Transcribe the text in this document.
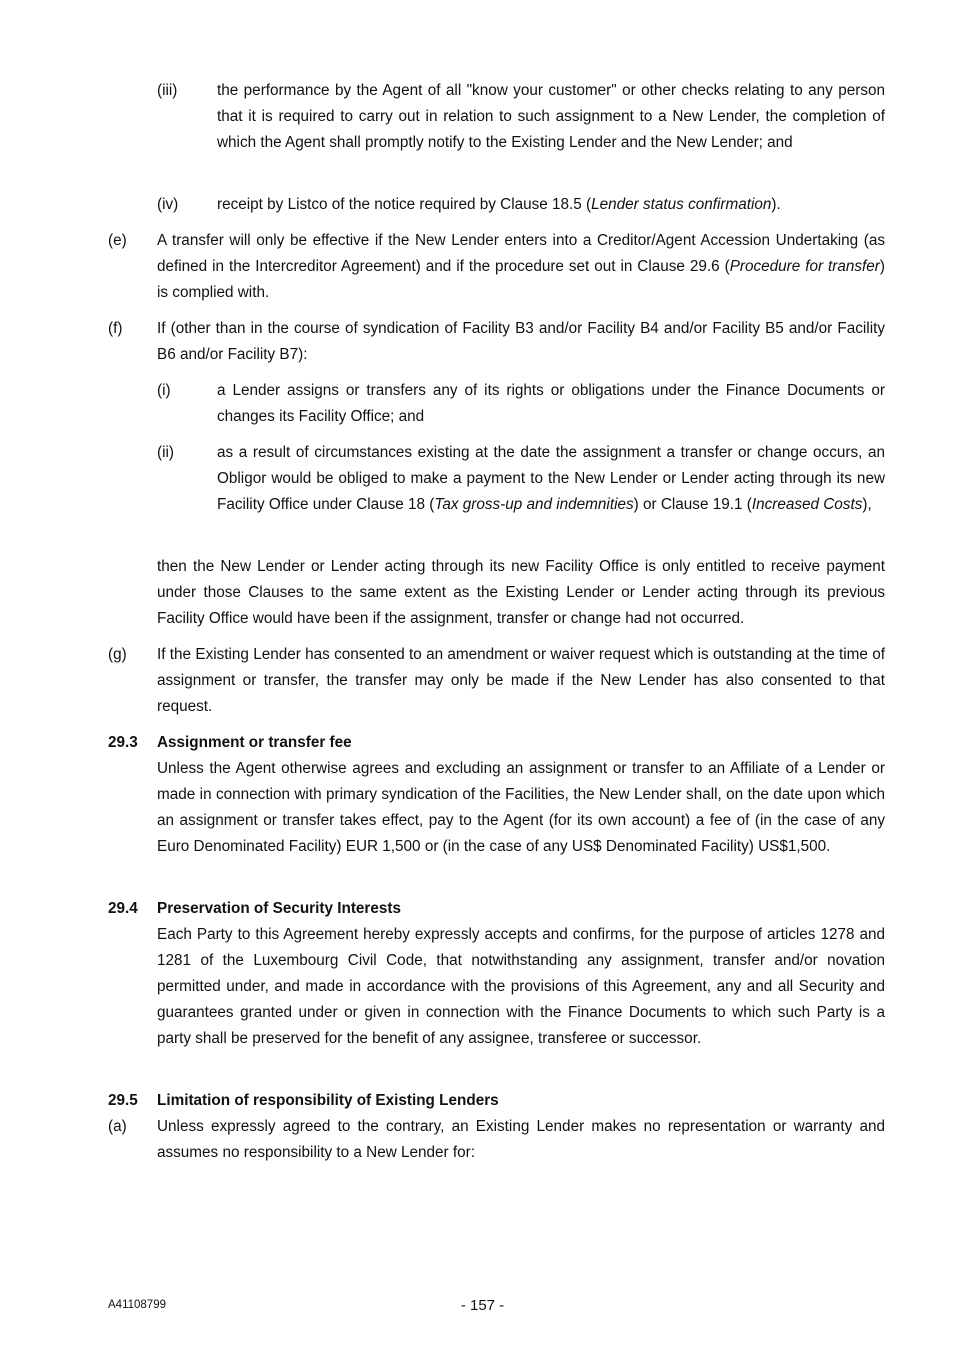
(iii)	the performance by the Agent of all "know your customer" or other checks relating to any person that it is required to carry out in relation to such assignment to a New Lender, the completion of which the Agent shall promptly notify to the Existing Lender and the New Lender; and
(iv)	receipt by Listco of the notice required by Clause 18.5 (Lender status confirmation).
(e) A transfer will only be effective if the New Lender enters into a Creditor/Agent Accession Undertaking (as defined in the Intercreditor Agreement) and if the procedure set out in Clause 29.6 (Procedure for transfer) is complied with.
(f) If (other than in the course of syndication of Facility B3 and/or Facility B4 and/or Facility B5 and/or Facility B6 and/or Facility B7):
(i)	a Lender assigns or transfers any of its rights or obligations under the Finance Documents or changes its Facility Office; and
(ii)	as a result of circumstances existing at the date the assignment a transfer or change occurs, an Obligor would be obliged to make a payment to the New Lender or Lender acting through its new Facility Office under Clause 18 (Tax gross-up and indemnities) or Clause 19.1 (Increased Costs),
then the New Lender or Lender acting through its new Facility Office is only entitled to receive payment under those Clauses to the same extent as the Existing Lender or Lender acting through its previous Facility Office would have been if the assignment, transfer or change had not occurred.
(g) If the Existing Lender has consented to an amendment or waiver request which is outstanding at the time of assignment or transfer, the transfer may only be made if the New Lender has also consented to that request.
29.3 Assignment or transfer fee
Unless the Agent otherwise agrees and excluding an assignment or transfer to an Affiliate of a Lender or made in connection with primary syndication of the Facilities, the New Lender shall, on the date upon which an assignment or transfer takes effect, pay to the Agent (for its own account) a fee of (in the case of any Euro Denominated Facility) EUR 1,500 or (in the case of any US$ Denominated Facility) US$1,500.
29.4 Preservation of Security Interests
Each Party to this Agreement hereby expressly accepts and confirms, for the purpose of articles 1278 and 1281 of the Luxembourg Civil Code, that notwithstanding any assignment, transfer and/or novation permitted under, and made in accordance with the provisions of this Agreement, any and all Security and guarantees granted under or given in connection with the Finance Documents to which such Party is a party shall be preserved for the benefit of any assignee, transferee or successor.
29.5 Limitation of responsibility of Existing Lenders
(a) Unless expressly agreed to the contrary, an Existing Lender makes no representation or warranty and assumes no responsibility to a New Lender for:
A41108799	- 157 -
